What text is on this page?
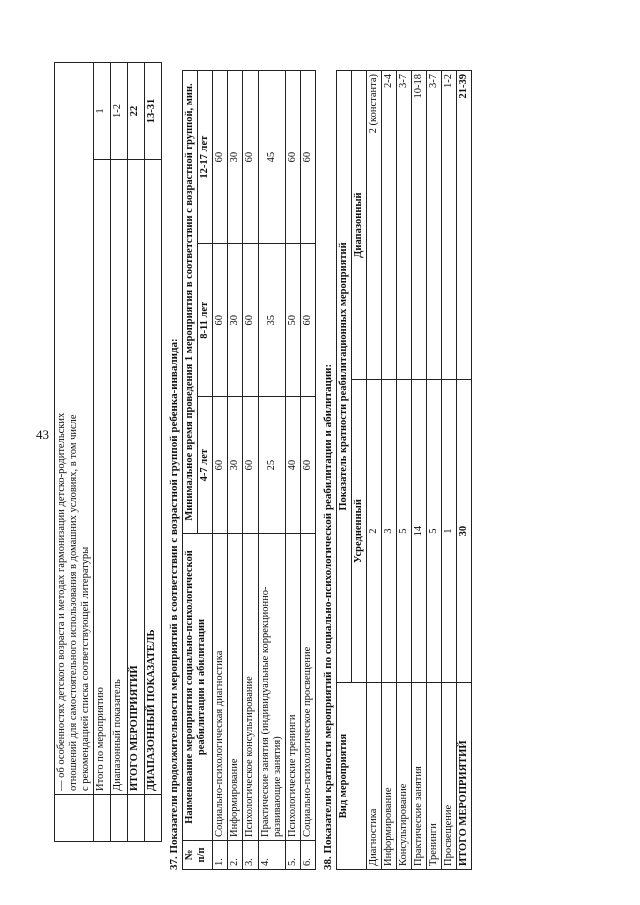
43

	— об особенностях детского возраста и методах гармонизации детско-родительских отношений для самостоятельного использования в домашних условиях, в том числе с рекомендацией списка соответствующей литературы	

	Итого по мероприятию	1
	Диапазонный показатель	1-2
	ИТОГО МЕРОПРИЯТИЙ	22
	ДИАПАЗОННЫЙ ПОКАЗАТЕЛЬ	13-31
37. Показатели продолжительности мероприятий в соответствии с возрастной группой ребенка-инвалида: № п/п	Наименование мероприятия социально-психологической реабилитации и абилитации	Минимальное время проведения 1 мероприятия в соответствии с возрастной группой, мин.		
		4-7 лет	8-11 лет	12-17 лет
1.	Социально-психологическая диагностика	60	60	60
2.	Информирование	30	30	30
3.	Психологическое консультирование	60	60	60
4.	Практические занятия (индивидуальные коррекционно-развивающие занятия)	25	35	45
5.	Психологические тренинги	40	50	60
6.	Социально-психологическое просвещение	60	60	60
38. Показатели кратности мероприятий по социально-психологической реабилитации и абилитации: Вид мероприятия	Показатель кратности реабилитационных мероприятий	
	Усредненный	Диапазонный
Диагностика	2	2 (константа)
Информирование	3	2-4
Консультирование	5	3-7
Практические занятия	14	10-18
Тренинги	5	3-7
Просвещение	1	1-2
ИТОГО МЕРОПРИЯТИЙ	30	21-39
